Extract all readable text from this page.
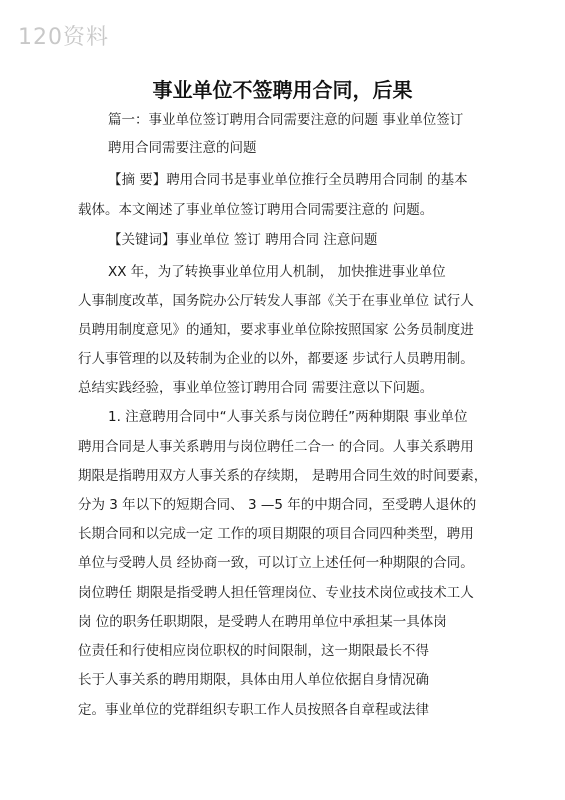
120资料
事业单位不签聘用合同，后果
篇一：事业单位签订聘用合同需要注意的问题 事业单位签订
聘用合同需要注意的问题
【摘 要】聘用合同书是事业单位推行全员聘用合同制 的基本
载体。本文阐述了事业单位签订聘用合同需要注意的 问题。
【关键词】事业单位 签订 聘用合同 注意问题
XX 年，为了转换事业单位用人机制， 加快推进事业单位
人事制度改革，国务院办公厅转发人事部《关于在事业单位 试行人
员聘用制度意见》的通知，要求事业单位除按照国家 公务员制度进
行人事管理的以及转制为企业的以外，都要逐 步试行人员聘用制。
总结实践经验，事业单位签订聘用合同 需要注意以下问题。
1. 注意聘用合同中“人事关系与岗位聘任”两种期限 事业单位
聘用合同是人事关系聘用与岗位聘任二合一 的合同。人事关系聘用
期限是指聘用双方人事关系的存续期， 是聘用合同生效的时间要素，
分为 3 年以下的短期合同、 3 —5 年的中期合同，至受聘人退休的
长期合同和以完成一定 工作的项目期限的项目合同四种类型，聘用
单位与受聘人员 经协商一致，可以订立上述任何一种期限的合同。
岗位聘任 期限是指受聘人担任管理岗位、专业技术岗位或技术工人
岗 位的职务任职期限，是受聘人在聘用单位中承担某一具体岗
位责任和行使相应岗位职权的时间限制，这一期限最长不得
长于人事关系的聘用期限，具体由用人单位依据自身情况确
定。事业单位的党群组织专职工作人员按照各自章程或法律
